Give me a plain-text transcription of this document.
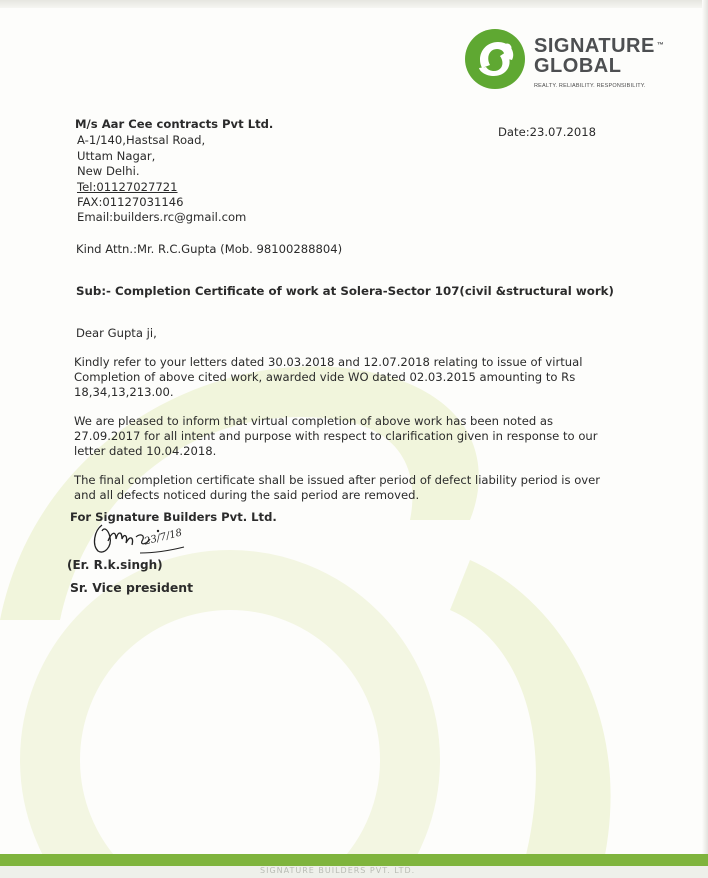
SIGNATURE ™
GLOBAL
REALTY. RELIABILITY. RESPONSIBILITY.
Date:23.07.2018
M/s Aar Cee contracts Pvt Ltd.
A-1/140,Hastsal Road,
Uttam Nagar,
New Delhi.
Tel:01127027721
FAX:01127031146
Email:builders.rc@gmail.com
Kind Attn.:Mr. R.C.Gupta (Mob. 98100288804)
Sub:- Completion Certificate of work at Solera-Sector 107(civil &structural work)
Dear Gupta ji,
Kindly refer to your letters dated 30.03.2018 and 12.07.2018 relating to issue of virtual
Completion of above cited work, awarded vide WO dated 02.03.2015 amounting to Rs
18,34,13,213.00.
We are pleased to inform that virtual completion of above work has been noted as
27.09.2017 for all intent and purpose with respect to clarification given in response to our
letter dated 10.04.2018.
The final completion certificate shall be issued after period of defect liability period is over
and all defects noticed during the said period are removed.
For Signature Builders Pvt. Ltd.
23/7/18
(Er. R.k.singh)
Sr. Vice president
SIGNATURE BUILDERS PVT. LTD.
